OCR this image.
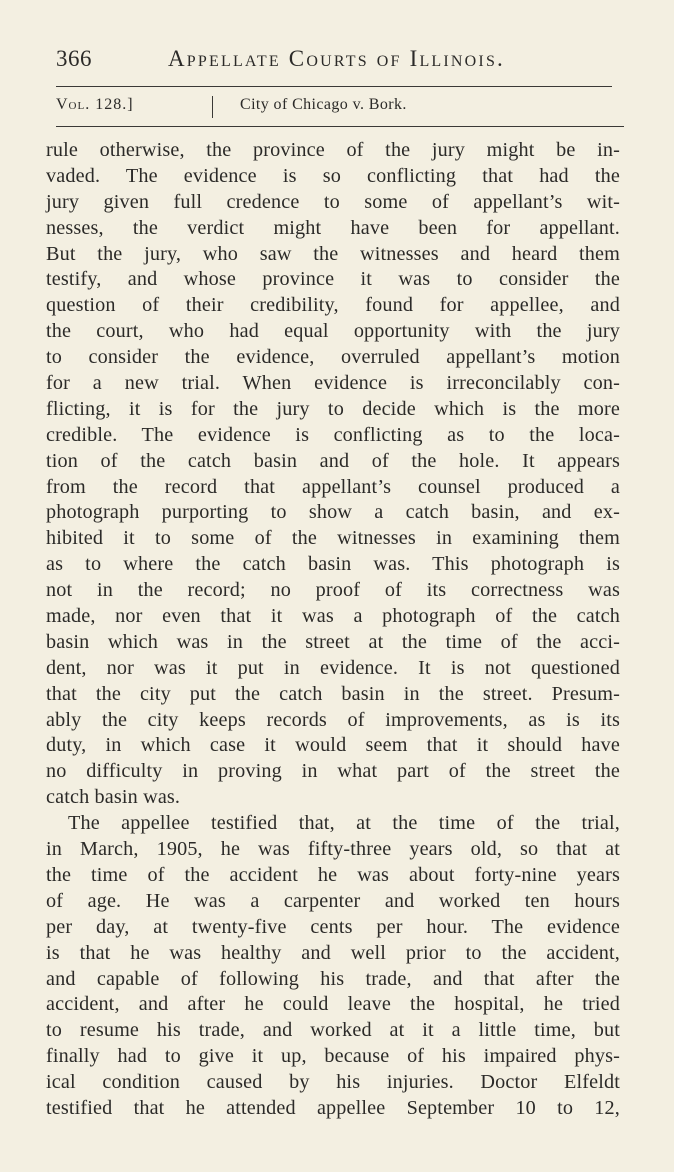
366	Appellate Courts of Illinois.
Vol. 128.]	City of Chicago v. Bork.
rule otherwise, the province of the jury might be in-
vaded. The evidence is so conflicting that had the
jury given full credence to some of appellant’s wit-
nesses, the verdict might have been for appellant.
But the jury, who saw the witnesses and heard them
testify, and whose province it was to consider the
question of their credibility, found for appellee, and
the court, who had equal opportunity with the jury
to consider the evidence, overruled appellant’s motion
for a new trial. When evidence is irreconcilably con-
flicting, it is for the jury to decide which is the more
credible. The evidence is conflicting as to the loca-
tion of the catch basin and of the hole. It appears
from the record that appellant’s counsel produced a
photograph purporting to show a catch basin, and ex-
hibited it to some of the witnesses in examining them
as to where the catch basin was. This photograph is
not in the record; no proof of its correctness was
made, nor even that it was a photograph of the catch
basin which was in the street at the time of the acci-
dent, nor was it put in evidence. It is not questioned
that the city put the catch basin in the street. Presum-
ably the city keeps records of improvements, as is its
duty, in which case it would seem that it should have
no difficulty in proving in what part of the street the
catch basin was.
The appellee testified that, at the time of the trial,
in March, 1905, he was fifty-three years old, so that at
the time of the accident he was about forty-nine years
of age. He was a carpenter and worked ten hours
per day, at twenty-five cents per hour. The evidence
is that he was healthy and well prior to the accident,
and capable of following his trade, and that after the
accident, and after he could leave the hospital, he tried
to resume his trade, and worked at it a little time, but
finally had to give it up, because of his impaired phys-
ical condition caused by his injuries. Doctor Elfeldt
testified that he attended appellee September 10 to 12,
